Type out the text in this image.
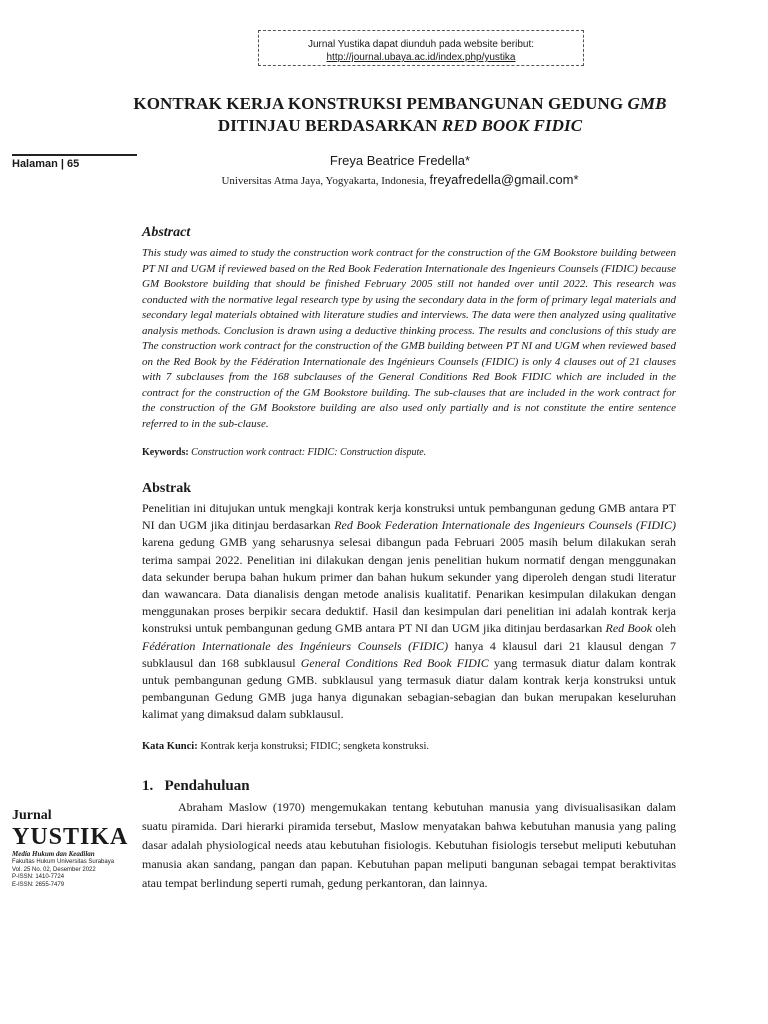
Jurnal Yustika dapat diunduh pada website beribut:
http://journal.ubaya.ac.id/index.php/yustika
KONTRAK KERJA KONSTRUKSI PEMBANGUNAN GEDUNG GMB
DITINJAU BERDASARKAN RED BOOK FIDIC
Halaman | 65	Freya Beatrice Fredella*
Universitas Atma Jaya, Yogyakarta, Indonesia, freyafredella@gmail.com*
Abstract

This study was aimed to study the construction work contract for the construction of the GM Bookstore building between PT NI and UGM if reviewed based on the Red Book Federation Internationale des Ingenieurs Counsels (FIDIC) because GM Bookstore building that should be finished February 2005 still not handed over until 2022. This research was conducted with the normative legal research type by using the secondary data in the form of primary legal materials and secondary legal materials obtained with literature studies and interviews. The data were then analyzed using qualitative analysis methods. Conclusion is drawn using a deductive thinking process. The results and conclusions of this study are The construction work contract for the construction of the GMB building between PT NI and UGM when reviewed based on the Red Book by the Fédération Internationale des Ingénieurs Counsels (FIDIC) is only 4 clauses out of 21 clauses with 7 subclauses from the 168 subclauses of the General Conditions Red Book FIDIC which are included in the contract for the construction of the GM Bookstore building. The sub-clauses that are included in the work contract for the construction of the GM Bookstore building are also used only partially and is not constitute the entire sentence referred to in the sub-clause.

Keywords: Construction work contract: FIDIC: Construction dispute.
Abstrak

Penelitian ini ditujukan untuk mengkaji kontrak kerja konstruksi untuk pembangunan gedung GMB antara PT NI dan UGM jika ditinjau berdasarkan Red Book Federation Internationale des Ingenieurs Counsels (FIDIC) karena gedung GMB yang seharusnya selesai dibangun pada Februari 2005 masih belum dilakukan serah terima sampai 2022. Penelitian ini dilakukan dengan jenis penelitian hukum normatif dengan menggunakan data sekunder berupa bahan hukum primer dan bahan hukum sekunder yang diperoleh dengan studi literatur dan wawancara. Data dianalisis dengan metode analisis kualitatif. Penarikan kesimpulan dilakukan dengan menggunakan proses berpikir secara deduktif. Hasil dan kesimpulan dari penelitian ini adalah kontrak kerja konstruksi untuk pembangunan gedung GMB antara PT NI dan UGM jika ditinjau berdasarkan Red Book oleh Fédération Internationale des Ingénieurs Counsels (FIDIC) hanya 4 klausul dari 21 klausul dengan 7 subklausul dan 168 subklausul General Conditions Red Book FIDIC yang termasuk diatur dalam kontrak untuk pembangunan gedung GMB. subklausul yang termasuk diatur dalam kontrak kerja konstruksi untuk pembangunan Gedung GMB juga hanya digunakan sebagian-sebagian dan bukan merupakan keseluruhan kalimat yang dimaksud dalam subklausul.

Kata Kunci: Kontrak kerja konstruksi; FIDIC; sengketa konstruksi.
1.   Pendahuluan

Abraham Maslow (1970) mengemukakan tentang kebutuhan manusia yang divisualisasikan dalam suatu piramida. Dari hierarki piramida tersebut, Maslow menyatakan bahwa kebutuhan manusia yang paling dasar adalah physiological needs atau kebutuhan fisiologis. Kebutuhan fisiologis tersebut meliputi kebutuhan manusia akan sandang, pangan dan papan. Kebutuhan papan meliputi bangunan sebagai tempat beraktivitas atau tempat berlindung seperti rumah, gedung perkantoran, dan lainnya.

Jurnal
YUSTIKA
Media Hukum dan Keadilan
Fakultas Hukum Universitas Surabaya
Vol. 25 No. 02, Desember 2022
P-ISSN: 1410-7724
E-ISSN: 2655-7479
